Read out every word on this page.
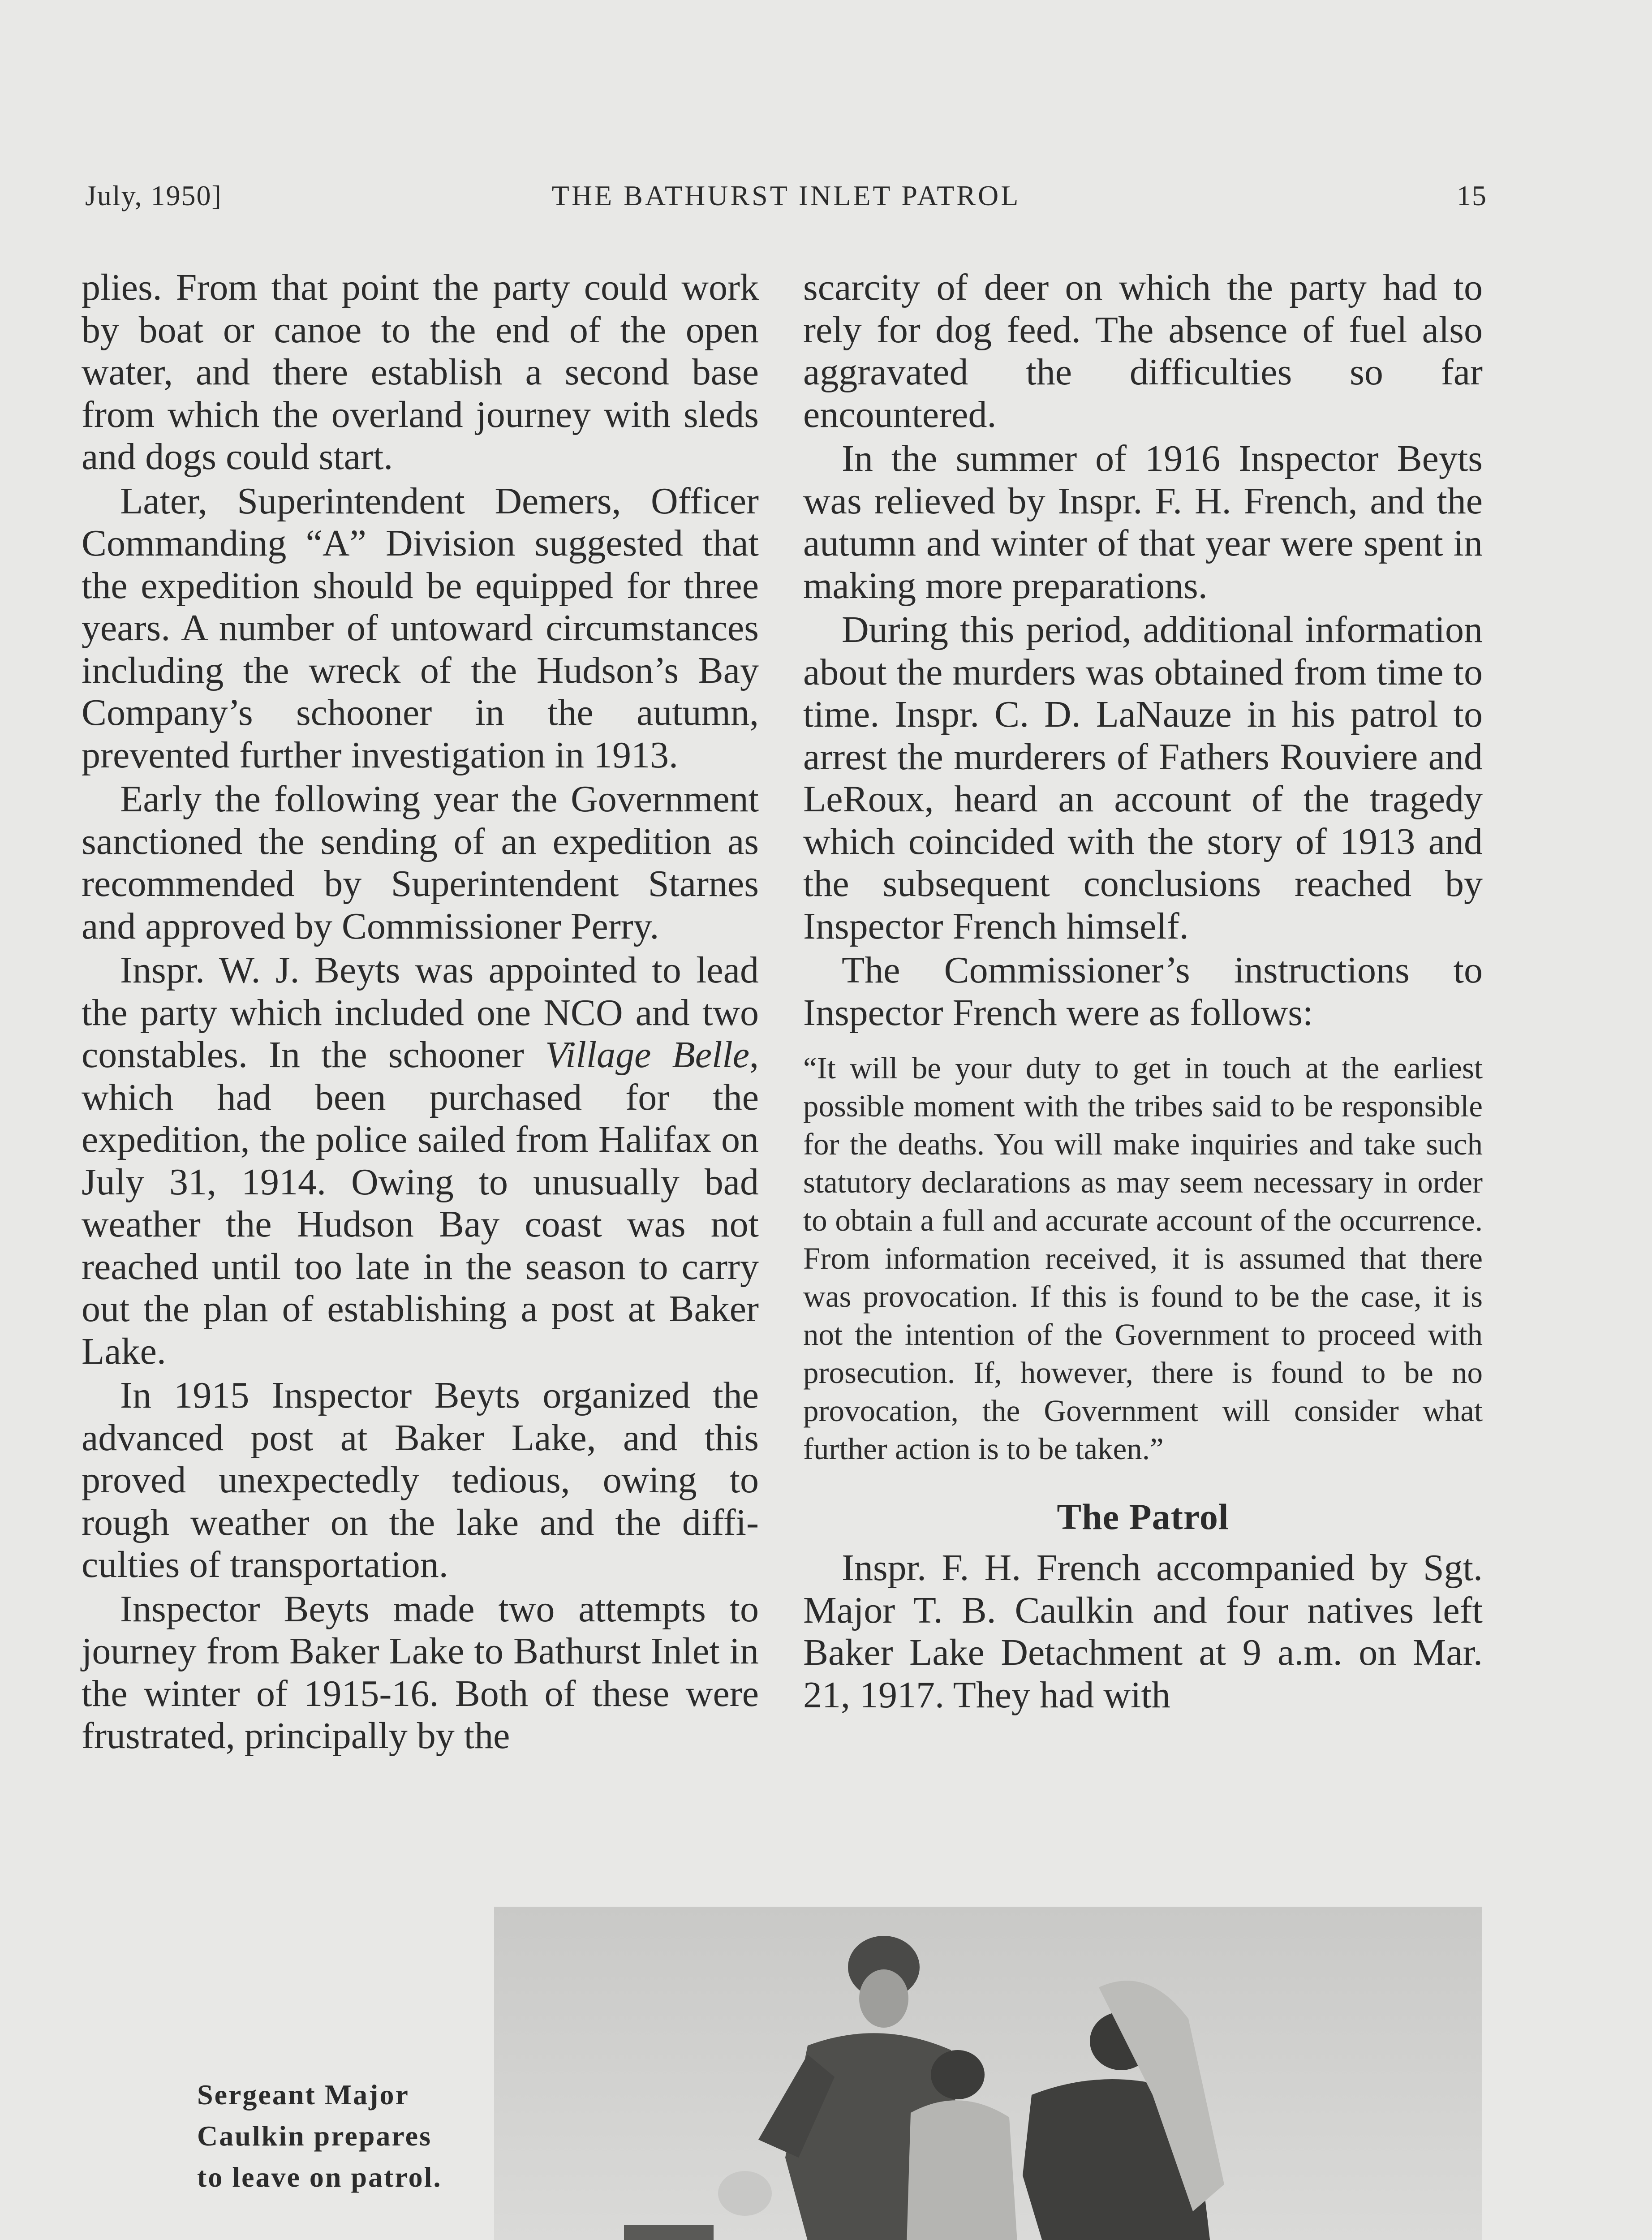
July, 1950]	THE BATHURST INLET PATROL	15

plies. From that point the party could work by boat or canoe to the end of the open water, and there establish a second base from which the overland journey with sleds and dogs could start.

Later, Superintendent Demers, Officer Commanding “A” Division suggested that the expedition should be equipped for three years. A number of untoward circumstances including the wreck of the Hudson’s Bay Company’s schooner in the autumn, prevented further investigation in 1913.

Early the following year the Government sanctioned the sending of an expedition as recommended by Superintendent Starnes and approved by Commissioner Perry.

Inspr. W. J. Beyts was appointed to lead the party which included one NCO and two constables. In the schooner Village Belle, which had been purchased for the expedition, the police sailed from Halifax on July 31, 1914. Owing to unusually bad weather the Hudson Bay coast was not reached until too late in the season to carry out the plan of establishing a post at Baker Lake.

In 1915 Inspector Beyts organized the advanced post at Baker Lake, and this proved unexpectedly tedious, owing to rough weather on the lake and the difficulties of transportation.

Inspector Beyts made two attempts to journey from Baker Lake to Bathurst Inlet in the winter of 1915-16. Both of these were frustrated, principally by the

scarcity of deer on which the party had to rely for dog feed. The absence of fuel also aggravated the difficulties so far encountered.

In the summer of 1916 Inspector Beyts was relieved by Inspr. F. H. French, and the autumn and winter of that year were spent in making more preparations.

During this period, additional information about the murders was obtained from time to time. Inspr. C. D. LaNauze in his patrol to arrest the murderers of Fathers Rouviere and LeRoux, heard an account of the tragedy which coincided with the story of 1913 and the subsequent conclusions reached by Inspector French himself.

The Commissioner’s instructions to Inspector French were as follows:

“It will be your duty to get in touch at the earliest possible moment with the tribes said to be responsible for the deaths. You will make inquiries and take such statutory declarations as may seem necessary in order to obtain a full and accurate account of the occurrence. From information received, it is assumed that there was provocation. If this is found to be the case, it is not the intention of the Government to proceed with prosecution. If, however, there is found to be no provocation, the Government will consider what further action is to be taken.”

The Patrol

Inspr. F. H. French accompanied by Sgt. Major T. B. Caulkin and four natives left Baker Lake Detachment at 9 a.m. on Mar. 21, 1917. They had with

Sergeant Major Caulkin prepares to leave on patrol.
